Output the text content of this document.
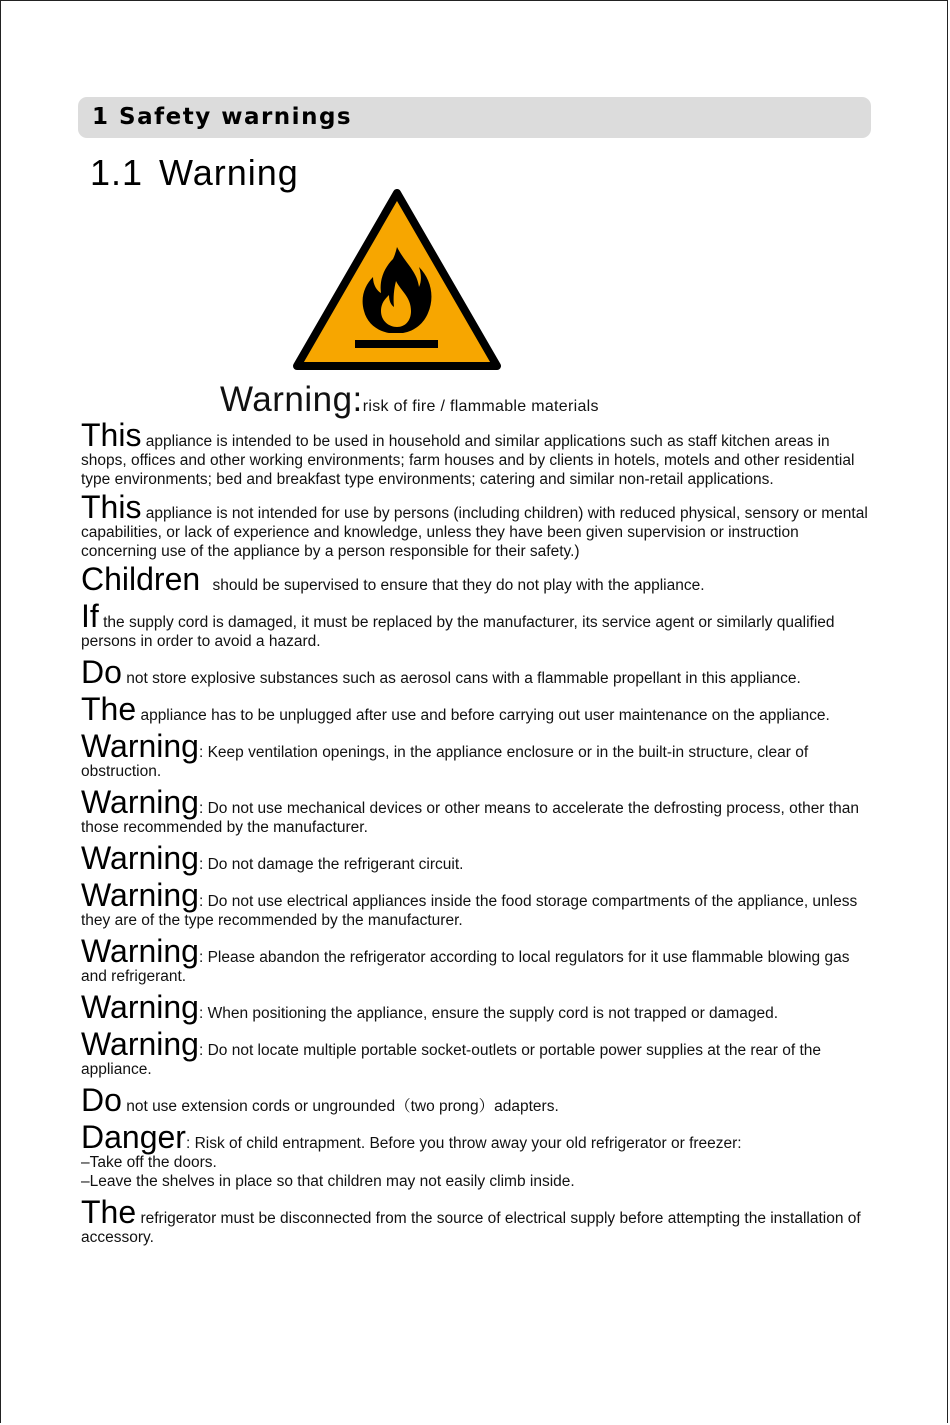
1 Safety warnings
1.1 Warning
Warning:risk of fire / flammable materials

This appliance is intended to be used in household and similar applications such as staff kitchen areas in shops, offices and other working environments; farm houses and by clients in hotels, motels and other residential type environments; bed and breakfast type environments; catering and similar non-retail applications.

This appliance is not intended for use by persons (including children) with reduced physical, sensory or mental capabilities, or lack of experience and knowledge, unless they have been given supervision or instruction concerning use of the appliance by a person responsible for their safety.)

Children should be supervised to ensure that they do not play with the appliance.

If the supply cord is damaged, it must be replaced by the manufacturer, its service agent or similarly qualified persons in order to avoid a hazard.

Do not store explosive substances such as aerosol cans with a flammable propellant in this appliance.

The appliance has to be unplugged after use and before carrying out user maintenance on the appliance.

Warning: Keep ventilation openings, in the appliance enclosure or in the built-in structure, clear of obstruction.

Warning: Do not use mechanical devices or other means to accelerate the defrosting process, other than those recommended by the manufacturer.

Warning: Do not damage the refrigerant circuit.

Warning: Do not use electrical appliances inside the food storage compartments of the appliance, unless they are of the type recommended by the manufacturer.

Warning: Please abandon the refrigerator according to local regulators for it use flammable blowing gas and refrigerant.

Warning: When positioning the appliance, ensure the supply cord is not trapped or damaged.

Warning: Do not locate multiple portable socket-outlets or portable power supplies at the rear of the appliance.

Do not use extension cords or ungrounded（two prong）adapters.

Danger: Risk of child entrapment. Before you throw away your old refrigerator or freezer:
–Take off the doors.
–Leave the shelves in place so that children may not easily climb inside.

The refrigerator must be disconnected from the source of electrical supply before attempting the installation of accessory.
